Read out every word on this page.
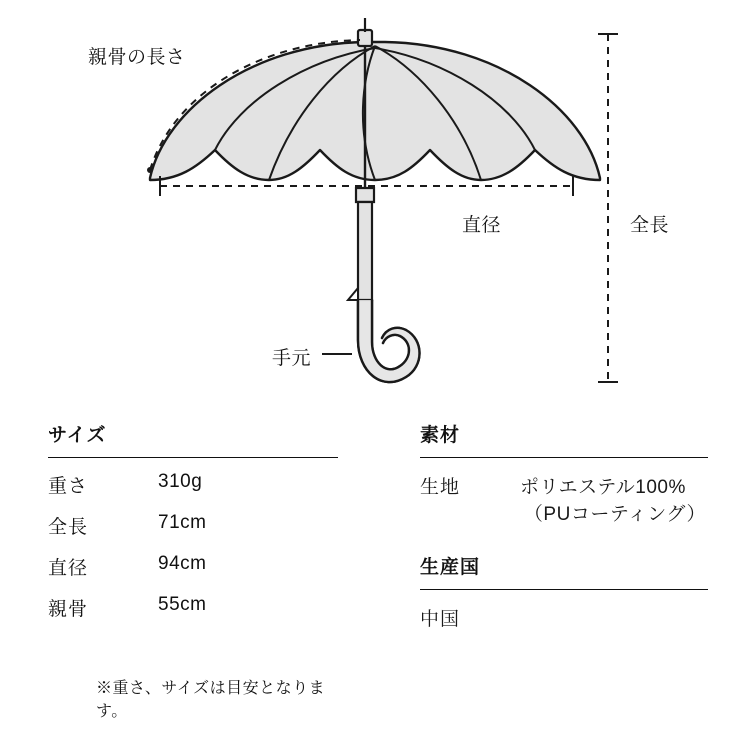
親骨の長さ
直径	全長
手元
サイズ
重さ	310g
全長	71cm
直径	94cm
親骨	55cm
※重さ、サイズは目安となります。
素材
生地	ポリエステル100%
（PUコーティング）
生産国
中国
